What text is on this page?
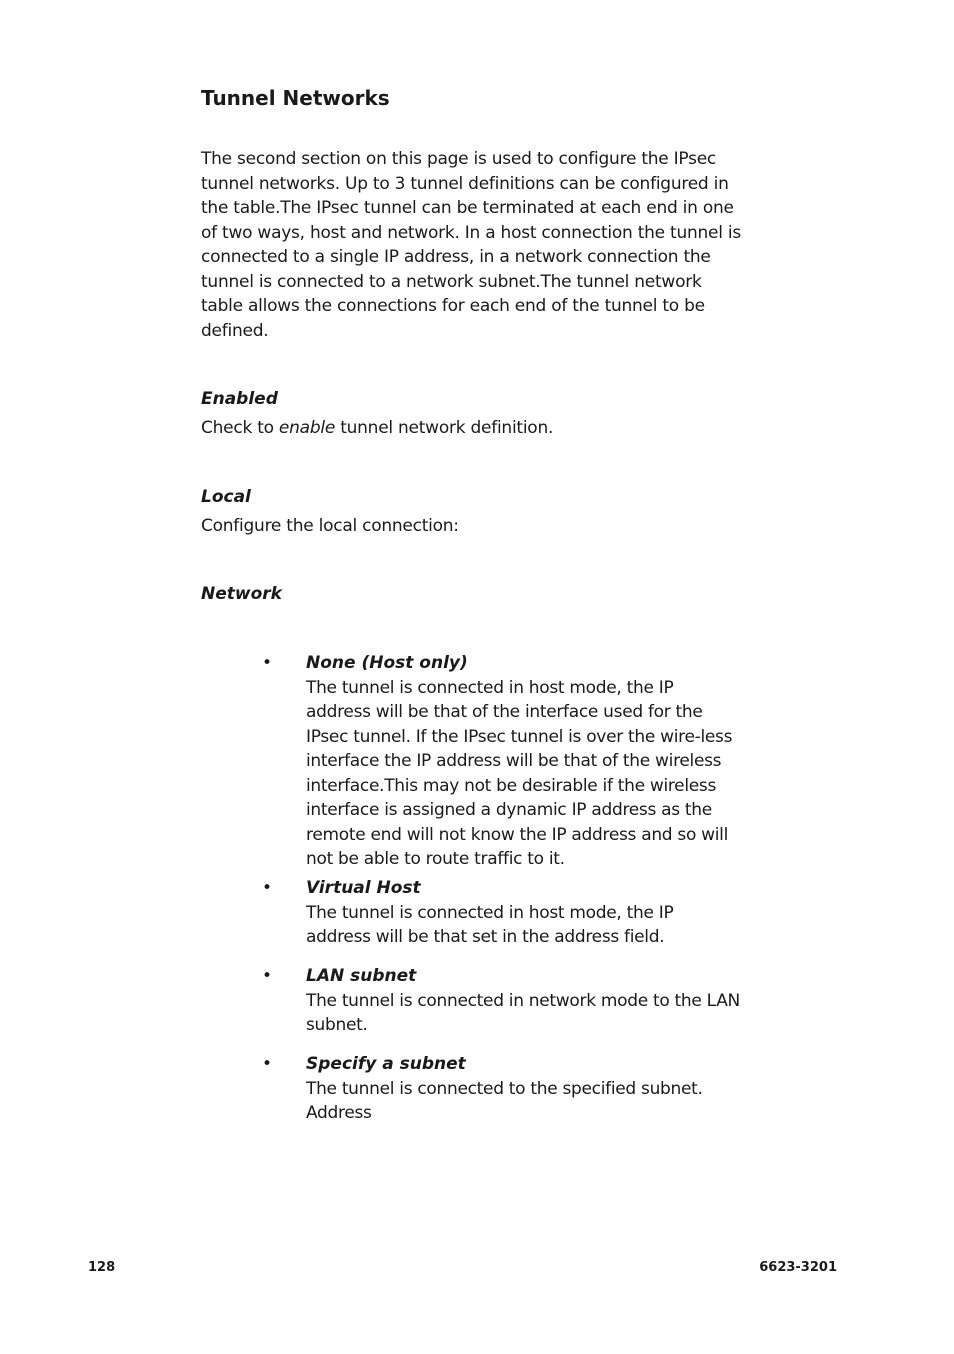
Tunnel Networks

The second section on this page is used to configure the IPsec tunnel networks. Up to 3 tunnel definitions can be configured in the table.The IPsec tunnel can be terminated at each end in one of two ways, host and network. In a host connection the tunnel is connected to a single IP address, in a network connection the tunnel is connected to a network subnet.The tunnel network table allows the connections for each end of the tunnel to be defined.

Enabled

Check to enable tunnel network definition.

Local

Configure the local connection:

Network
• None (Host only)

The tunnel is connected in host mode, the IP address will be that of the interface used for the IPsec tunnel. If the IPsec tunnel is over the wire-less interface the IP address will be that of the wireless interface.This may not be desirable if the wireless interface is assigned a dynamic IP address as the remote end will not know the IP address and so will not be able to route traffic to it.

• Virtual Host

The tunnel is connected in host mode, the IP address will be that set in the address field.

• LAN subnet

The tunnel is connected in network mode to the LAN subnet.

• Specify a subnet

The tunnel is connected to the specified subnet. Address

128	6623-3201
